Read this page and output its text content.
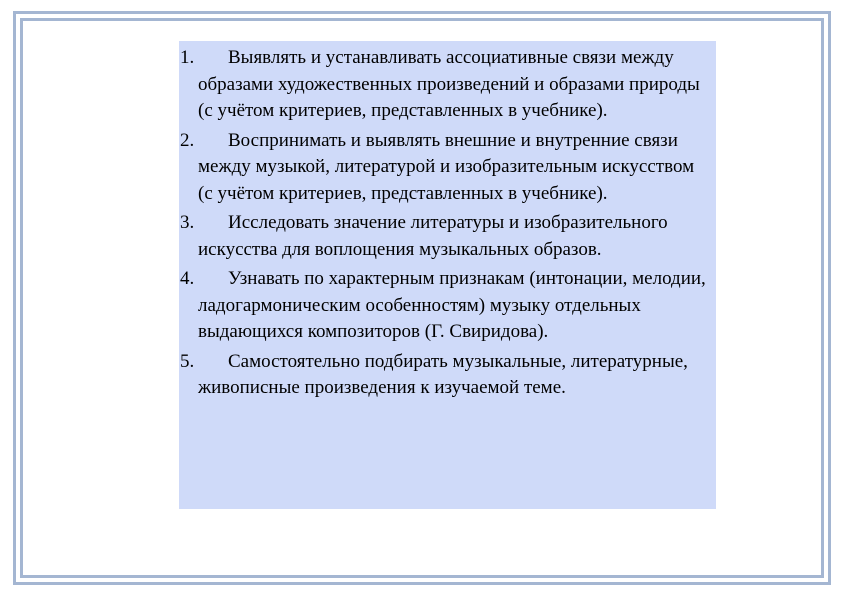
1.	Выявлять и устанавливать ассоциативные связи между образами художественных произведений и образами природы (с учётом критериев, представленных в учебнике).
2.	Воспринимать и выявлять внешние и внутренние связи между музыкой, литературой и изобразительным искусством (с учётом критериев, представленных в учебнике).
3.	Исследовать значение литературы и изобразительного искусства для воплощения музыкальных образов.
4.	Узнавать по характерным признакам (интонации, мелодии, ладогармоническим особенностям) музыку отдельных выдающихся композиторов (Г. Свиридова).
5.	Самостоятельно подбирать музыкальные, литературные, живописные произведения к изучаемой теме.
